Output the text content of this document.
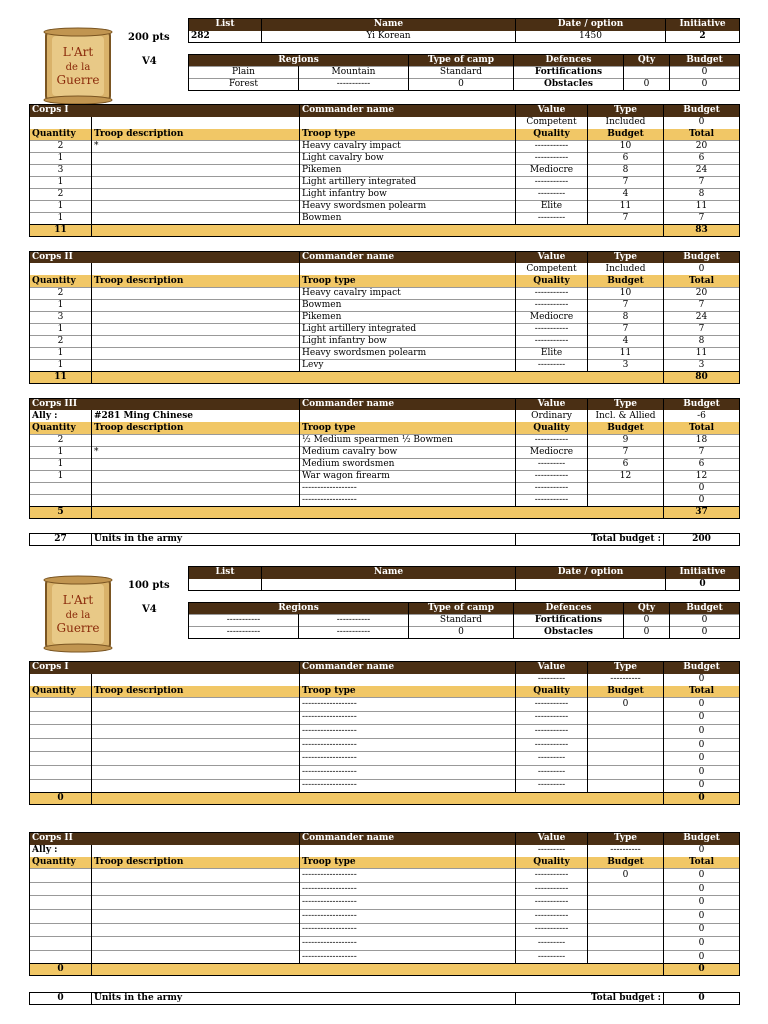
L'Art
de la
Guerre
200 pts
V4
List	Name	Date / option	Initiative
282	Yi Korean	1450	2
Regions		Type of camp	Defences	Qty	Budget
Plain	Mountain	Standard	Fortifications		0
Forest	-----------	0	Obstacles	0	0
Corps I		Commander name	Value	Type	Budget
			Competent	Included	0
Quantity	Troop description	Troop type	Quality	Budget	Total
2	*	Heavy cavalry impact	-----------	10	20
1		Light cavalry bow	-----------	6	6
3		Pikemen	Mediocre	8	24
1		Light artillery integrated	-----------	7	7
2		Light infantry bow	---------	4	8
1		Heavy swordsmen polearm	Elite	11	11
1		Bowmen	---------	7	7
11					83
Corps II		Commander name	Value	Type	Budget
			Competent	Included	0
Quantity	Troop description	Troop type	Quality	Budget	Total
2		Heavy cavalry impact	-----------	10	20
1		Bowmen	-----------	7	7
3		Pikemen	Mediocre	8	24
1		Light artillery integrated	-----------	7	7
2		Light infantry bow	-----------	4	8
1		Heavy swordsmen polearm	Elite	11	11
1		Levy	---------	3	3
11					80
Corps III		Commander name	Value	Type	Budget
Ally :	#281 Ming Chinese		Ordinary	Incl. & Allied	-6
Quantity	Troop description	Troop type	Quality	Budget	Total
2		½ Medium spearmen ½ Bowmen	-----------	9	18
1	*	Medium cavalry bow	Mediocre	7	7
1		Medium swordsmen	---------	6	6
1		War wagon firearm	-----------	12	12
		------------------	-----------		0
		------------------	-----------		0
5					37
27	Units in the army	Total budget :	200
L'Art
de la
Guerre
100 pts
V4
List	Name	Date / option	Initiative
			0
Regions		Type of camp	Defences	Qty	Budget
-----------	-----------	Standard	Fortifications	0	0
-----------	-----------	0	Obstacles	0	0
Corps I		Commander name	Value	Type	Budget
			---------	----------	0
Quantity	Troop description	Troop type	Quality	Budget	Total
		------------------	-----------	0	0
		------------------	-----------		0
		------------------	-----------		0
		------------------	-----------		0
		------------------	---------		0
		------------------	---------		0
		------------------	---------		0
0					0
Corps II		Commander name	Value	Type	Budget
Ally :			---------	----------	0
Quantity	Troop description	Troop type	Quality	Budget	Total
		------------------	-----------	0	0
		------------------	-----------		0
		------------------	-----------		0
		------------------	-----------		0
		------------------	-----------		0
		------------------	---------		0
		------------------	---------		0
0					0
0	Units in the army	Total budget :	0
